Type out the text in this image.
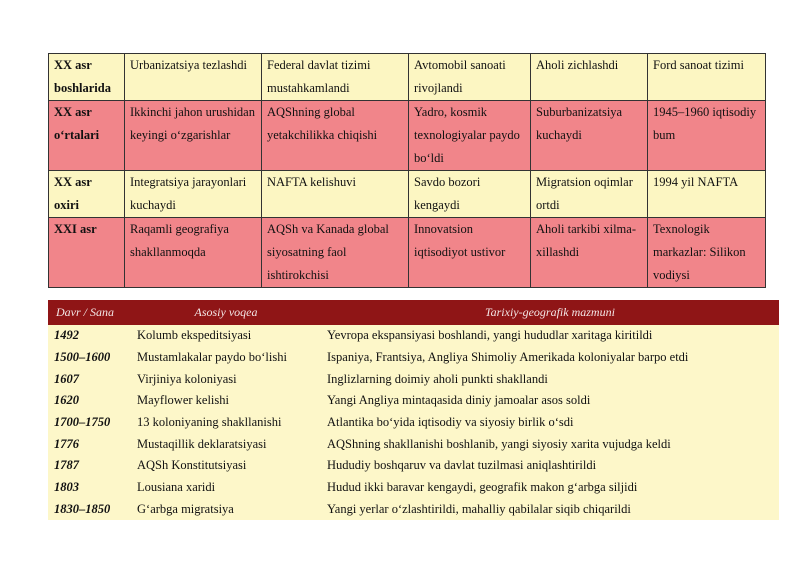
XX asr boshlarida	Urbanizatsiya tezlashdi	Federal davlat tizimi mustahkamlandi	Avtomobil sanoati rivojlandi	Aholi zichlashdi	Ford sanoat tizimi
XX asr o‘rtalari	Ikkinchi jahon urushidan keyingi o‘zgarishlar	AQShning global yetakchilikka chiqishi	Yadro, kosmik texnologiyalar paydo bo‘ldi	Suburbanizatsiya kuchaydi	1945–1960 iqtisodiy bum
XX asr oxiri	Integratsiya jarayonlari kuchaydi	NAFTA kelishuvi	Savdo bozori kengaydi	Migratsion oqimlar ortdi	1994 yil NAFTA
XXI asr	Raqamli geografiya shakllanmoqda	AQSh va Kanada global siyosatning faol ishtirokchisi	Innovatsion iqtisodiyot ustivor	Aholi tarkibi xilma-xillashdi	Texnologik markazlar: Silikon vodiysi
Davr / Sana	Asosiy voqea	Tarixiy-geografik mazmuni
1492	Kolumb ekspeditsiyasi	Yevropa ekspansiyasi boshlandi, yangi hududlar xaritaga kiritildi
1500–1600	Mustamlakalar paydo bo‘lishi	Ispaniya, Frantsiya, Angliya Shimoliy Amerikada koloniyalar barpo etdi
1607	Virjiniya koloniyasi	Inglizlarning doimiy aholi punkti shakllandi
1620	Mayflower kelishi	Yangi Angliya mintaqasida diniy jamoalar asos soldi
1700–1750	13 koloniyaning shakllanishi	Atlantika bo‘yida iqtisodiy va siyosiy birlik o‘sdi
1776	Mustaqillik deklaratsiyasi	AQShning shakllanishi boshlanib, yangi siyosiy xarita vujudga keldi
1787	AQSh Konstitutsiyasi	Hududiy boshqaruv va davlat tuzilmasi aniqlashtirildi
1803	Lousiana xaridi	Hudud ikki baravar kengaydi, geografik makon g‘arbga siljidi
1830–1850	G‘arbga migratsiya	Yangi yerlar o‘zlashtirildi, mahalliy qabilalar siqib chiqarildi
